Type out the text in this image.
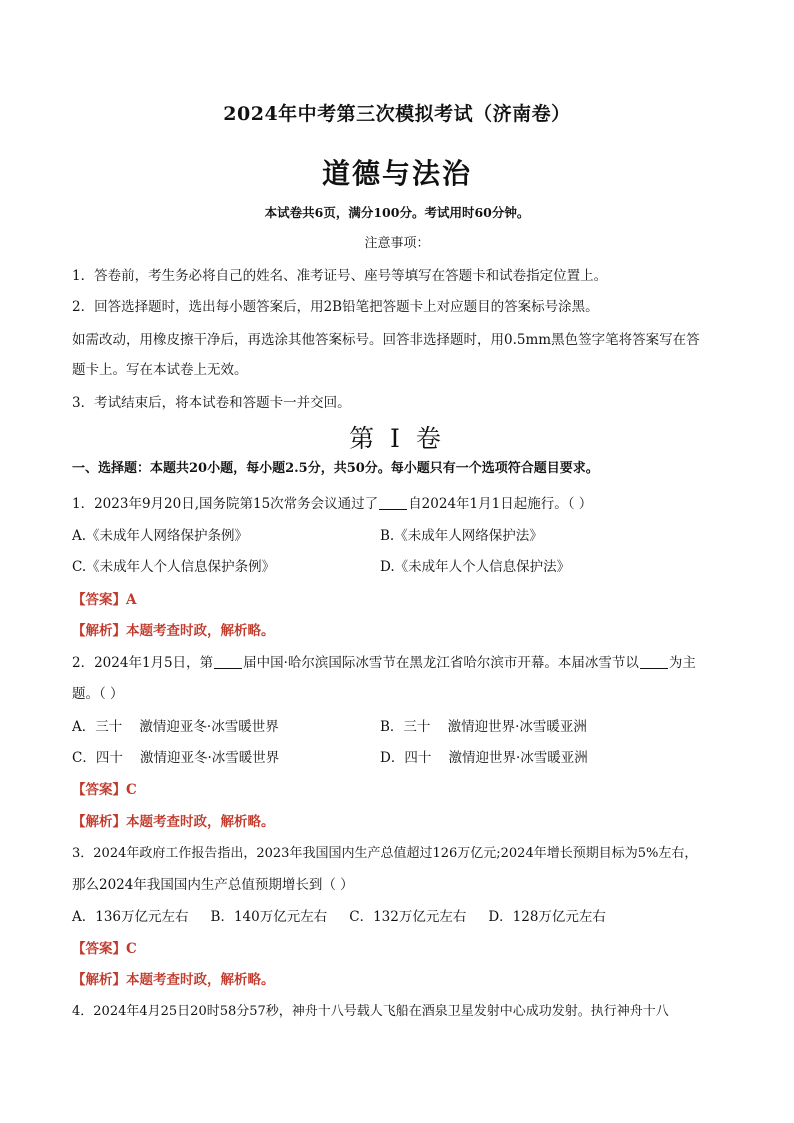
2024年中考第三次模拟考试（济南卷）
道德与法治
本试卷共6页，满分100分。考试用时60分钟。
注意事项：
1．答卷前，考生务必将自己的姓名、准考证号、座号等填写在答题卡和试卷指定位置上。
2．回答选择题时，选出每小题答案后，用2B铅笔把答题卡上对应题目的答案标号涂黑。
如需改动，用橡皮擦干净后，再选涂其他答案标号。回答非选择题时，用0.5mm黑色签字笔将答案写在答
题卡上。写在本试卷上无效。
3．考试结束后，将本试卷和答题卡一并交回。
第 I 卷
一、选择题：本题共20小题，每小题2.5分，共50分。每小题只有一个选项符合题目要求。
1．2023年9月20日,国务院第15次常务会议通过了 自2024年1月1日起施行。（ ）
A.《未成年人网络保护条例》	B.《未成年人网络保护法》
C.《未成年人个人信息保护条例》	D.《未成年人个人信息保护法》
【答案】A
【解析】本题考查时政，解析略。
2．2024年1月5日，第 届中国·哈尔滨国际冰雪节在黑龙江省哈尔滨市开幕。本届冰雪节以 为主
题。（ ）
A．三十    激情迎亚冬·冰雪暖世界	B．三十    激情迎世界·冰雪暖亚洲
C．四十    激情迎亚冬·冰雪暖世界	D．四十    激情迎世界·冰雪暖亚洲
【答案】C
【解析】本题考查时政，解析略。
3．2024年政府工作报告指出，2023年我国国内生产总值超过126万亿元;2024年增长预期目标为5%左右，
那么2024年我国国内生产总值预期增长到（ ）
A．136万亿元左右 B．140万亿元左右 C．132万亿元左右 D．128万亿元左右
【答案】C
【解析】本题考查时政，解析略。
4．2024年4月25日20时58分57秒，神舟十八号载人飞船在酒泉卫星发射中心成功发射。执行神舟十八
